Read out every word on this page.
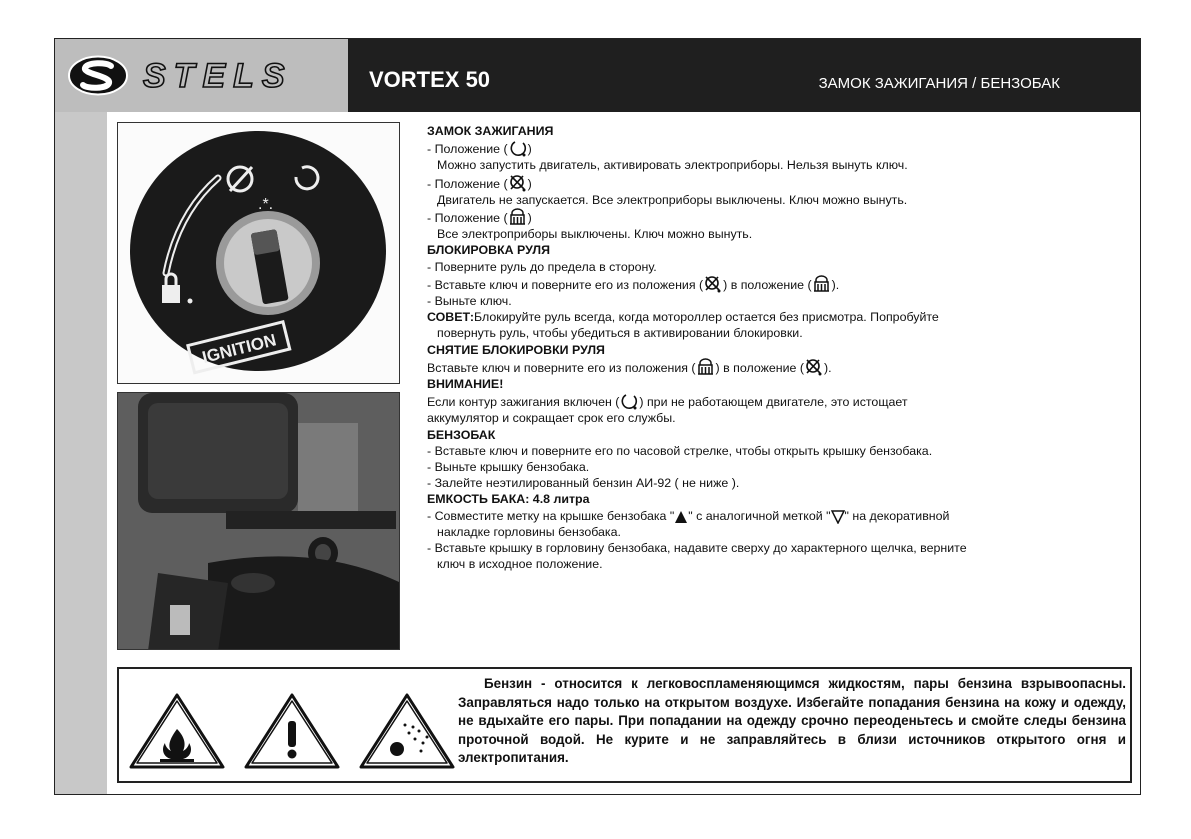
STELS	VORTEX 50	ЗАМОК ЗАЖИГАНИЯ / БЕНЗОБАК
.*.
IGNITION

ЗАМОК ЗАЖИГАНИЯ

- Положение ( )

Можно запустить двигатель, активировать электроприборы. Нельзя вынуть ключ.

- Положение ( )

Двигатель не запускается. Все электроприборы выключены. Ключ можно вынуть.

- Положение ( )

Все электроприборы выключены. Ключ можно вынуть.

БЛОКИРОВКА РУЛЯ

- Поверните руль до предела в сторону.

- Вставьте ключ и поверните его из положения ( ) в положение ( ).

- Выньте ключ.

СОВЕТ:Блокируйте руль всегда, когда мотороллер остается без присмотра. Попробуйте

повернуть руль, чтобы убедиться в активировании блокировки.

СНЯТИЕ БЛОКИРОВКИ РУЛЯ

Вставьте ключ и поверните его из положения ( ) в положение ( ).

ВНИМАНИЕ!

Если контур зажигания включен ( ) при не работающем двигателе, это истощает

аккумулятор и сокращает срок его службы.

БЕНЗОБАК

- Вставьте ключ и поверните его по часовой стрелке, чтобы открыть крышку бензобака.

- Выньте крышку бензобака.

- Залейте неэтилированный бензин АИ-92 ( не ниже ).

ЕМКОСТЬ БАКА: 4.8 литра

- Совместите метку на крышке бензобака " " с аналогичной меткой " " на декоративной

накладке горловины бензобака.

- Вставьте крышку в горловину бензобака, надавите сверху до характерного щелчка, верните

ключ в исходное положение.

Бензин - относится к легковоспламеняющимся жидкостям, пары бензина взрывоопасны. Заправляться надо только на открытом воздухе. Избегайте попадания бензина на кожу и одежду, не вдыхайте его пары. При попадании на одежду срочно переоденьтесь и смойте следы бензина проточной водой. Не курите и не заправляйтесь в близи источников открытого огня и электропитания.
